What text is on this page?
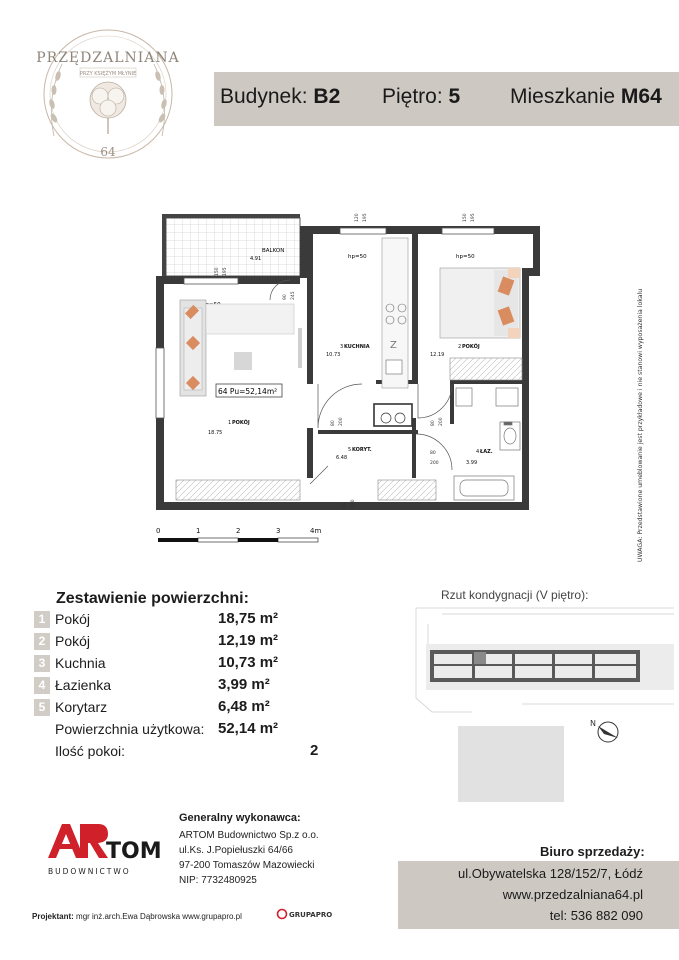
PRZĘDZALNIANA
PRZY KSIĘŻYM MŁYNIE
64
Budynek: B2 Piętro: 5 Mieszkanie M64
BALKON
4.91	hp=50	hp=50
120 195	150 195
150 195
90 245
80 200	80 200
80
200
90 200
64 Pu=52,14m²
Z
3 KUCHNIA
10.73
2 POKÓJ
12.19
1 POKÓJ
18.75
5 KORYT.
6.48
4 ŁAZ.
3.99
0	1	2	3	4m	UWAGA: Przedstawione umeblowanie jest przykładowe i nie stanowi wyposażenia lokalu
Zestawienie powierzchni:
1 Pokój	18,75 m²
2 Pokój	12,19 m²
3 Kuchnia	10,73 m²
4 Łazienka	3,99 m²
5 Korytarz	6,48 m²
Powierzchnia użytkowa: 52,14 m²
Ilość pokoi:	2
Rzut kondygnacji (V piętro):
N
TOM
BUDOWNICTWO
Generalny wykonawca:
ARTOM Budownictwo Sp.z o.o.
ul.Ks. J.Popiełuszki 64/66
97-200 Tomaszów Mazowiecki
NIP: 7732480925
Biuro sprzedaży:
ul.Obywatelska 128/152/7, Łódź
www.przedzalniana64.pl
tel: 536 882 090
Projektant: mgr inż.arch.Ewa Dąbrowska www.grupapro.pl	GRUPAPRO
